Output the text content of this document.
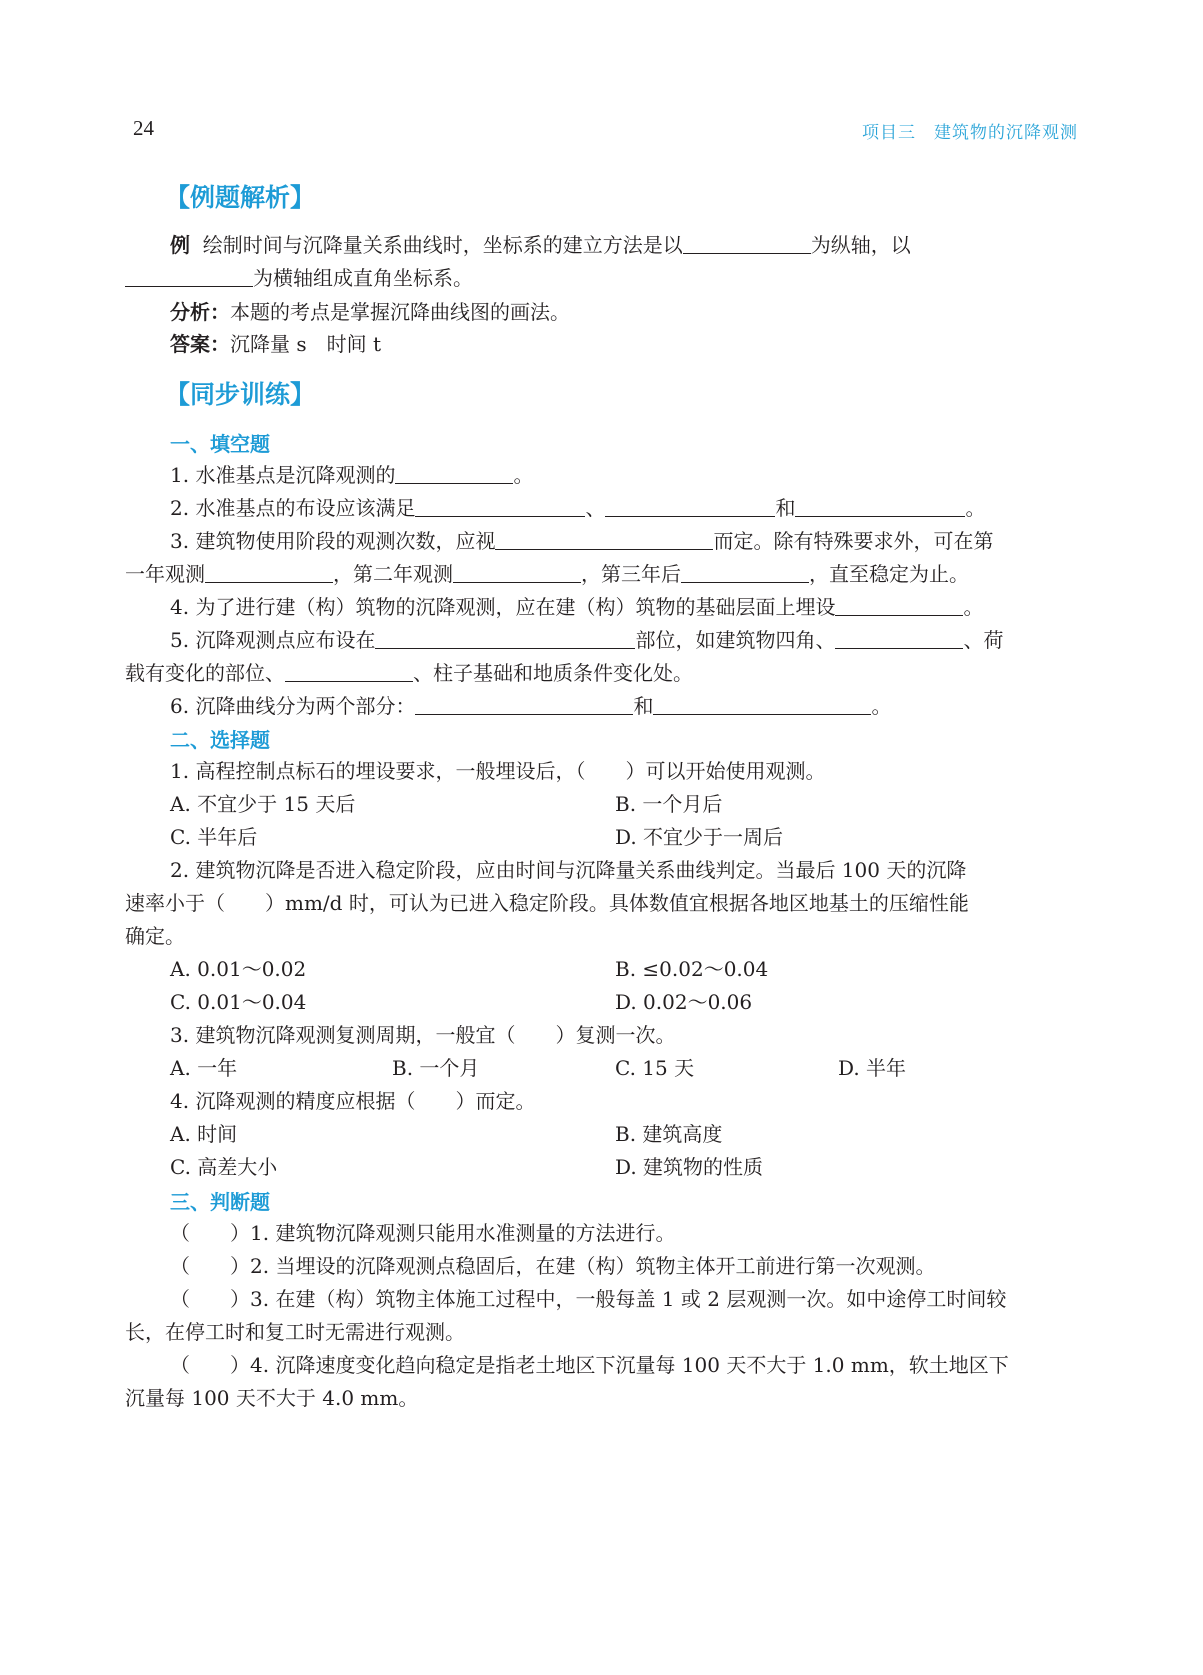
24	项目三　建筑物的沉降观测
【例题解析】
例 绘制时间与沉降量关系曲线时，坐标系的建立方法是以	为纵轴，以
为横轴组成直角坐标系。
分析：本题的考点是掌握沉降曲线图的画法。
答案：沉降量 s　时间 t
【同步训练】
一、填空题
1. 水准基点是沉降观测的	。
2. 水准基点的布设应该满足	、	和	。
3. 建筑物使用阶段的观测次数，应视	而定。除有特殊要求外，可在第
一年观测	，第二年观测	，第三年后	，直至稳定为止。
4. 为了进行建（构）筑物的沉降观测，应在建（构）筑物的基础层面上埋设	。
5. 沉降观测点应布设在	部位，如建筑物四角、	、荷
载有变化的部位、	、柱子基础和地质条件变化处。
6. 沉降曲线分为两个部分：	和	。
二、选择题
1. 高程控制点标石的埋设要求，一般埋设后，（　　）可以开始使用观测。
A. 不宜少于 15 天后	B. 一个月后
C. 半年后	D. 不宜少于一周后
2. 建筑物沉降是否进入稳定阶段，应由时间与沉降量关系曲线判定。当最后 100 天的沉降
速率小于（　　）mm/d 时，可认为已进入稳定阶段。具体数值宜根据各地区地基土的压缩性能
确定。
A. 0.01～0.02	B. ≤0.02～0.04
C. 0.01～0.04	D. 0.02～0.06
3. 建筑物沉降观测复测周期，一般宜（　　）复测一次。
A. 一年	B. 一个月	C. 15 天	D. 半年
4. 沉降观测的精度应根据（　　）而定。
A. 时间	B. 建筑高度
C. 高差大小	D. 建筑物的性质
三、判断题
（　　）1. 建筑物沉降观测只能用水准测量的方法进行。
（　　）2. 当埋设的沉降观测点稳固后，在建（构）筑物主体开工前进行第一次观测。
（　　）3. 在建（构）筑物主体施工过程中，一般每盖 1 或 2 层观测一次。如中途停工时间较
长，在停工时和复工时无需进行观测。
（　　）4. 沉降速度变化趋向稳定是指老土地区下沉量每 100 天不大于 1.0 mm，软土地区下
沉量每 100 天不大于 4.0 mm。
